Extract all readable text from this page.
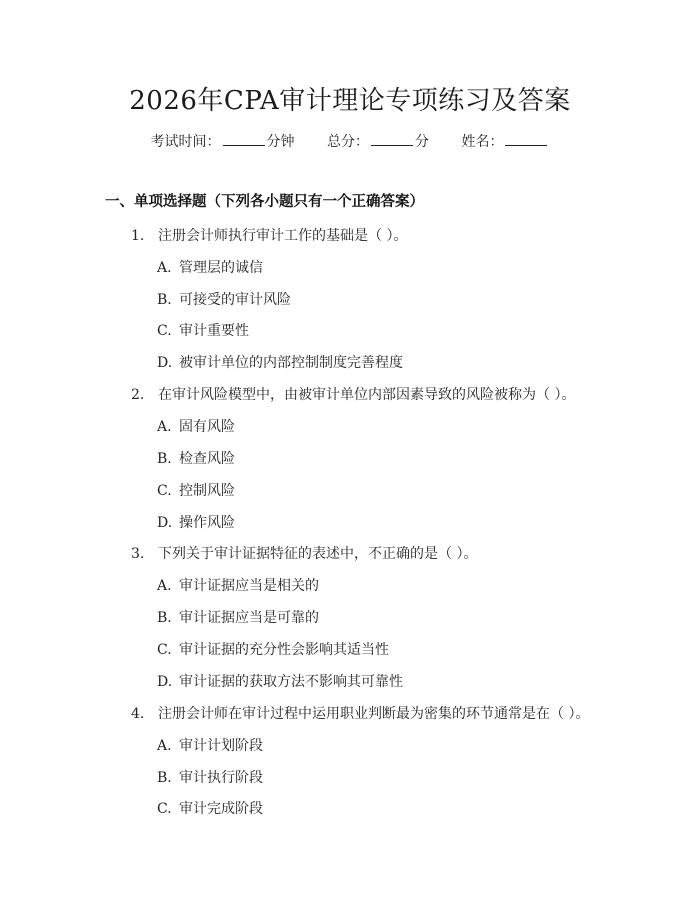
2026年CPA审计理论专项练习及答案
考试时间：	分钟 总分：	分 姓名：
一、单项选择题（下列各小题只有一个正确答案）
1. 注册会计师执行审计工作的基础是（ ）。
A. 管理层的诚信
B. 可接受的审计风险
C. 审计重要性
D. 被审计单位的内部控制制度完善程度
2. 在审计风险模型中，由被审计单位内部因素导致的风险被称为（ ）。
A. 固有风险
B. 检查风险
C. 控制风险
D. 操作风险
3. 下列关于审计证据特征的表述中，不正确的是（ ）。
A. 审计证据应当是相关的
B. 审计证据应当是可靠的
C. 审计证据的充分性会影响其适当性
D. 审计证据的获取方法不影响其可靠性
4. 注册会计师在审计过程中运用职业判断最为密集的环节通常是在（ ）。
A. 审计计划阶段
B. 审计执行阶段
C. 审计完成阶段
